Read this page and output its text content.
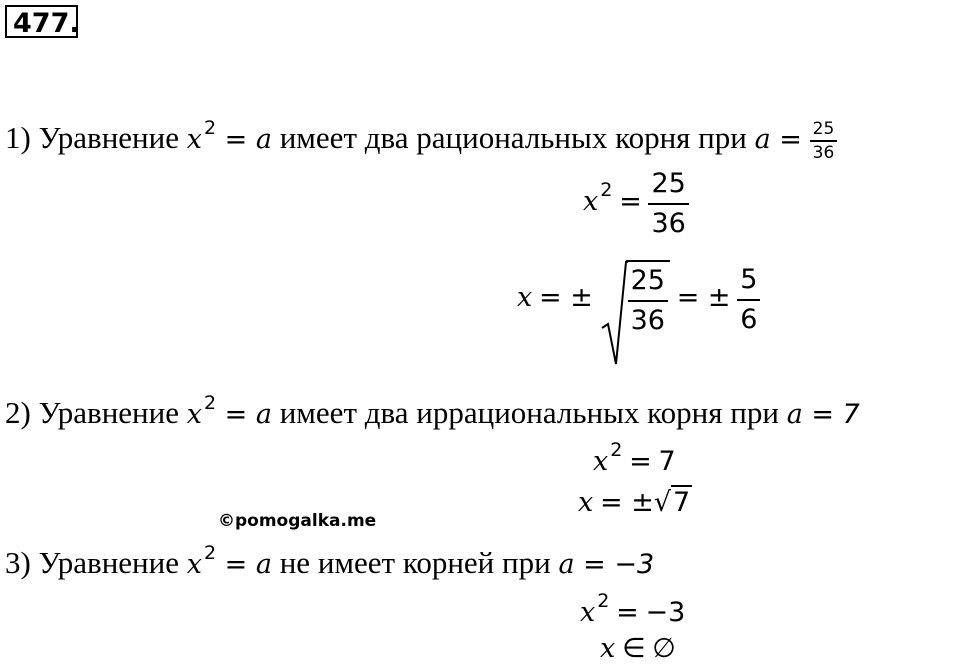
477.
1) Уравнение x $^2$ = a имеет два рациональных корня при $a = \frac{25}{36}$
x $^2 = \frac{25}{36}$
x = ± $\frac{25}{36}$ = ± $\frac{5}{6}$
2) Уравнение x $^2$ = a имеет два иррациональных корня при a = 7
x $^2$ = 7
x = ±√7
©pomogalka.me
3) Уравнение x $^2$ = a не имеет корней при a = −3
x $^2$ = −3
x ∈ ∅
